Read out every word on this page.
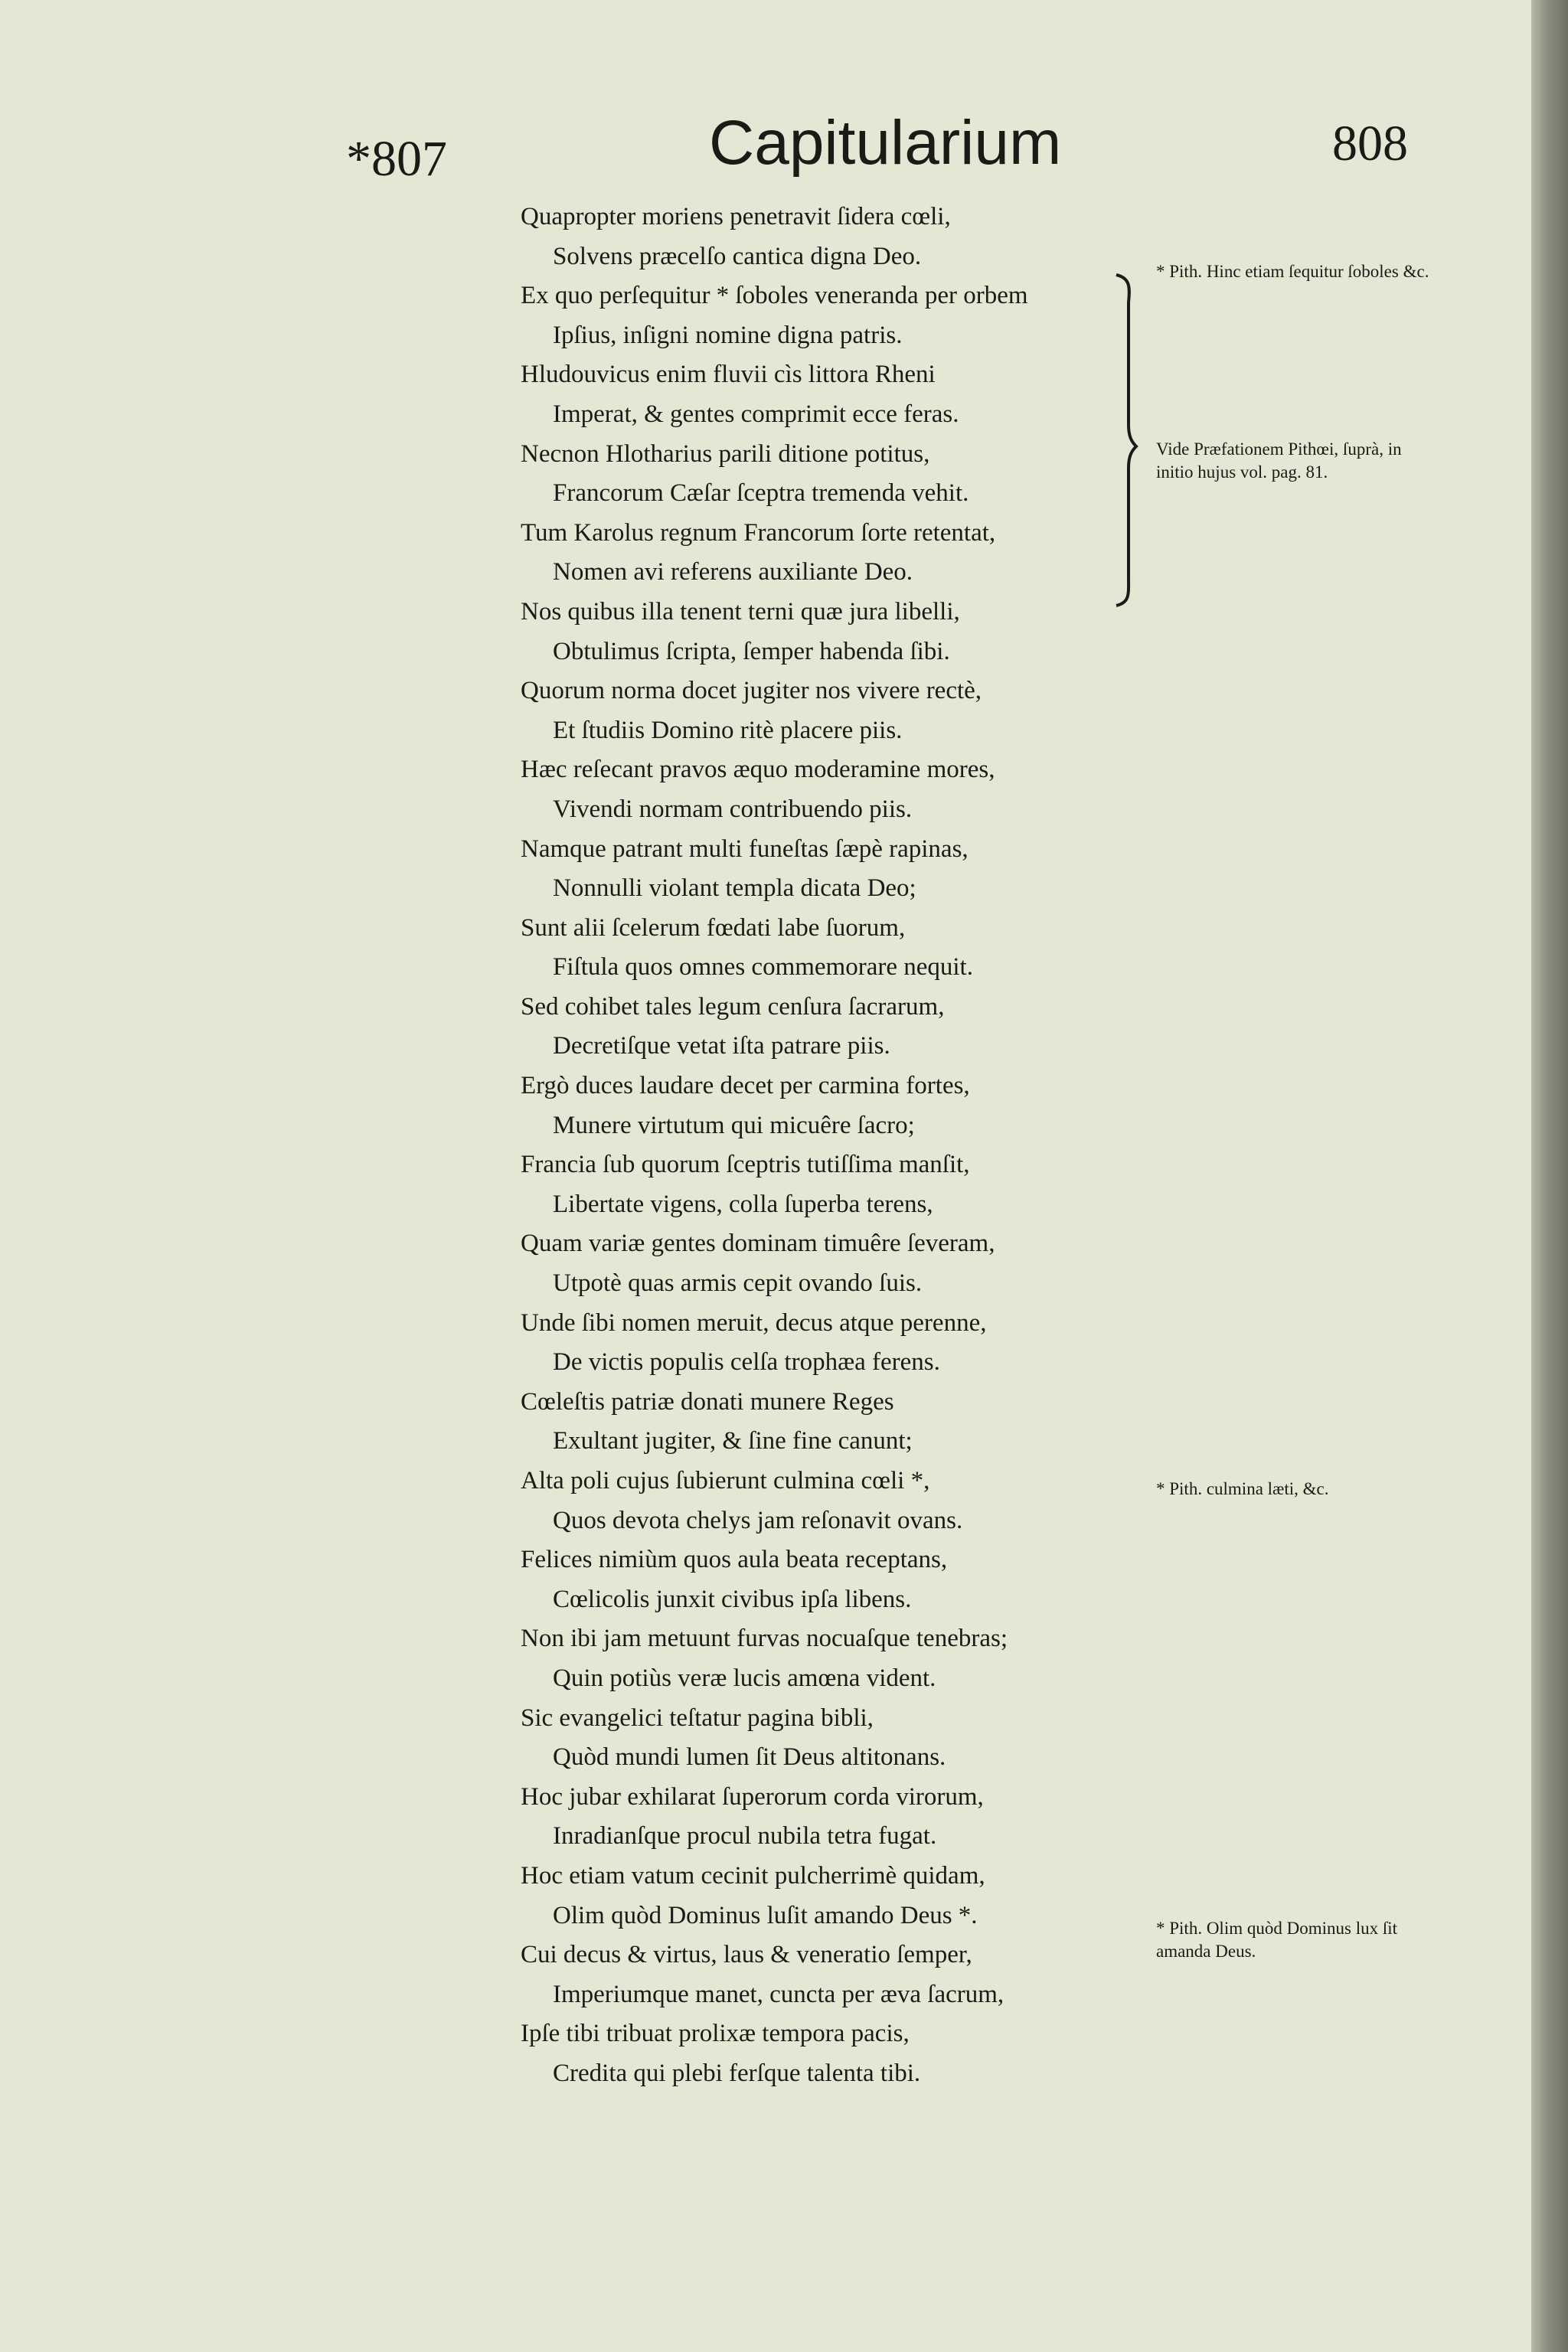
*807	Capitularium	808
Quapropter moriens penetravit ſidera cœli,
Solvens præcelſo cantica digna Deo.
Ex quo perſequitur * ſoboles veneranda per orbem
Ipſius, inſigni nomine digna patris.
Hludouvicus enim fluvii cìs littora Rheni
Imperat, & gentes comprimit ecce feras.
Necnon Hlotharius parili ditione potitus,
Francorum Cæſar ſceptra tremenda vehit.
Tum Karolus regnum Francorum ſorte retentat,
Nomen avi referens auxiliante Deo.
Nos quibus illa tenent terni quæ jura libelli,
Obtulimus ſcripta, ſemper habenda ſibi.
Quorum norma docet jugiter nos vivere rectè,
Et ſtudiis Domino ritè placere piis.
Hæc reſecant pravos æquo moderamine mores,
Vivendi normam contribuendo piis.
Namque patrant multi funeſtas ſæpè rapinas,
Nonnulli violant templa dicata Deo;
Sunt alii ſcelerum fœdati labe ſuorum,
Fiſtula quos omnes commemorare nequit.
Sed cohibet tales legum cenſura ſacrarum,
Decretiſque vetat iſta patrare piis.
Ergò duces laudare decet per carmina fortes,
Munere virtutum qui micuêre ſacro;
Francia ſub quorum ſceptris tutiſſima manſit,
Libertate vigens, colla ſuperba terens,
Quam variæ gentes dominam timuêre ſeveram,
Utpotè quas armis cepit ovando ſuis.
Unde ſibi nomen meruit, decus atque perenne,
De victis populis celſa trophæa ferens.
Cœleſtis patriæ donati munere Reges
Exultant jugiter, & ſine fine canunt;
Alta poli cujus ſubierunt culmina cœli *,
Quos devota chelys jam reſonavit ovans.
Felices nimiùm quos aula beata receptans,
Cœlicolis junxit civibus ipſa libens.
Non ibi jam metuunt furvas nocuaſque tenebras;
Quin potiùs veræ lucis amœna vident.
Sic evangelici teſtatur pagina bibli,
Quòd mundi lumen ſit Deus altitonans.
Hoc jubar exhilarat ſuperorum corda virorum,
Inradianſque procul nubila tetra fugat.
Hoc etiam vatum cecinit pulcherrimè quidam,
Olim quòd Dominus luſit amando Deus *.
Cui decus & virtus, laus & veneratio ſemper,
Imperiumque manet, cuncta per æva ſacrum,
Ipſe tibi tribuat prolixæ tempora pacis,
Credita qui plebi ferſque talenta tibi.
* Pith. Hinc etiam ſequitur ſoboles &c.
Vide Præfationem Pithœi, ſuprà, in initio hujus vol. pag. 81.
* Pith. culmina læti, &c.
* Pith. Olim quòd Dominus lux ſit amanda Deus.
